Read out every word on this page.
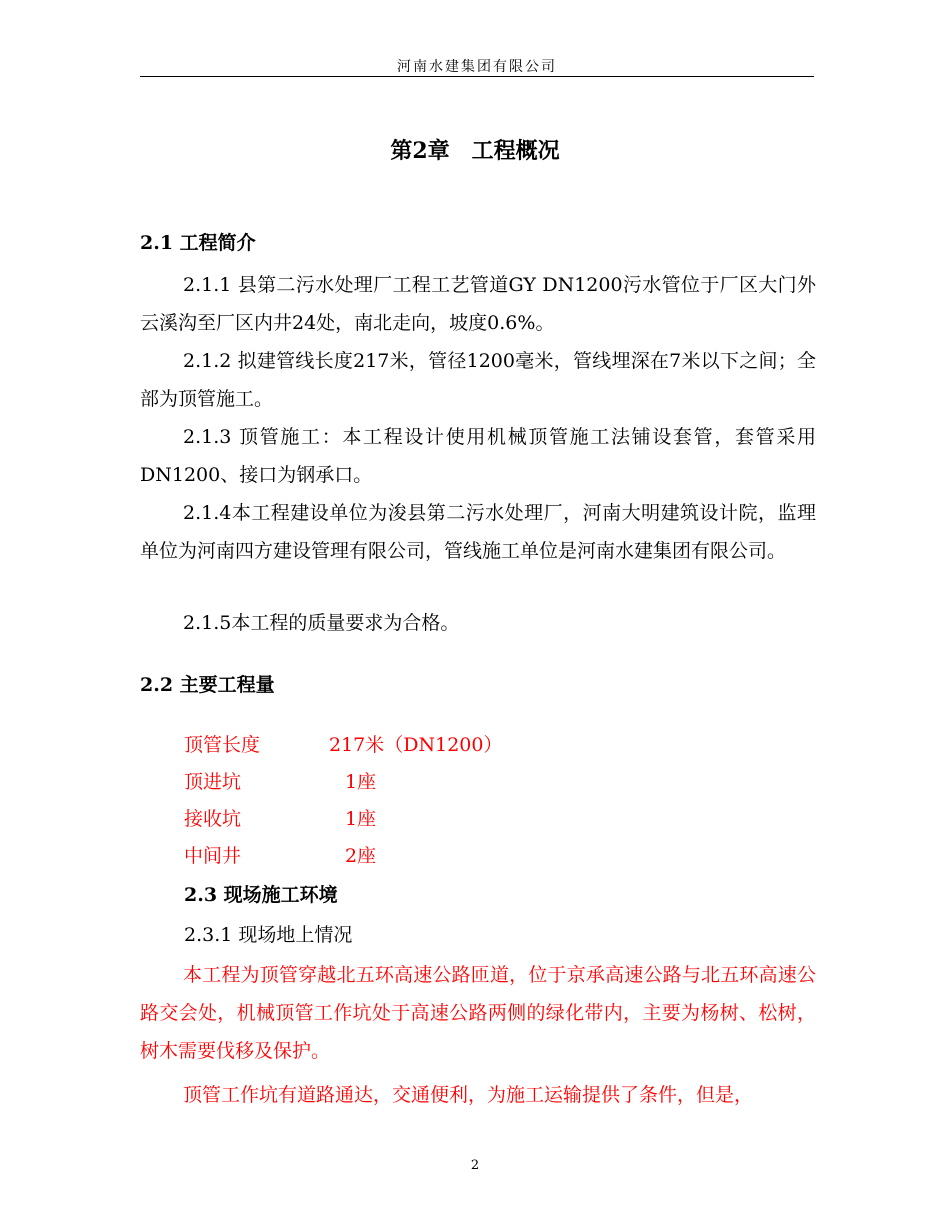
河南水建集团有限公司
第2章　工程概况
2.1 工程简介
2.1.1 县第二污水处理厂工程工艺管道GY DN1200污水管位于厂区大门外云溪沟至厂区内井24处，南北走向，坡度0.6%。
2.1.2 拟建管线长度217米，管径1200毫米，管线埋深在7米以下之间；全部为顶管施工。
2.1.3 顶管施工：本工程设计使用机械顶管施工法铺设套管，套管采用DN1200、接口为钢承口。
2.1.4本工程建设单位为浚县第二污水处理厂，河南大明建筑设计院，监理单位为河南四方建设管理有限公司，管线施工单位是河南水建集团有限公司。
2.1.5本工程的质量要求为合格。
2.2 主要工程量
顶管长度	217米（DN1200）
顶进坑	1座
接收坑	1座
中间井	2座
2.3 现场施工环境
2.3.1 现场地上情况
本工程为顶管穿越北五环高速公路匝道，位于京承高速公路与北五环高速公路交会处，机械顶管工作坑处于高速公路两侧的绿化带内，主要为杨树、松树，树木需要伐移及保护。
顶管工作坑有道路通达，交通便利，为施工运输提供了条件，但是，
2
